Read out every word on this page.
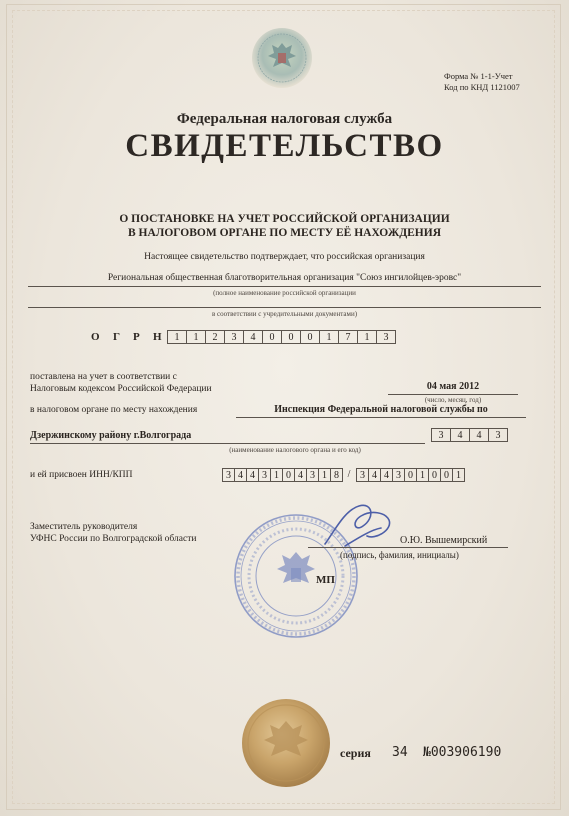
Форма № 1-1-Учет
Код по КНД 1121007
Федеральная налоговая служба
СВИДЕТЕЛЬСТВО
О ПОСТАНОВКЕ НА УЧЕТ РОССИЙСКОЙ ОРГАНИЗАЦИИ
В НАЛОГОВОМ ОРГАНЕ ПО МЕСТУ ЕЁ НАХОЖДЕНИЯ
Настоящее свидетельство подтверждает, что российская организация
Региональная общественная благотворительная организация "Союз ингилойцев-эровс"
(полное наименование российской организации
в соответствии с учредительными документами)
О Г Р Н	1	1	2	3	4	0	0	0	1	7	1	3
поставлена на учет в соответствии с
Налоговым кодексом Российской Федерации	04 мая 2012
(число, месяц, год)
в налоговом органе по месту нахождения	Инспекция Федеральной налоговой службы по
Дзержинскому району г.Волгограда	3	4	4	3
(наименование налогового органа и его код)
и ей присвоен ИНН/КПП	3 4 4 3 1 0 4 3 1 8 / 3 4 4 3 0 1 0 0 1
Заместитель руководителя
УФНС России по Волгоградской области	О.Ю. Вышемирский
(подпись, фамилия, инициалы)
МП
серия 34 №003906190
